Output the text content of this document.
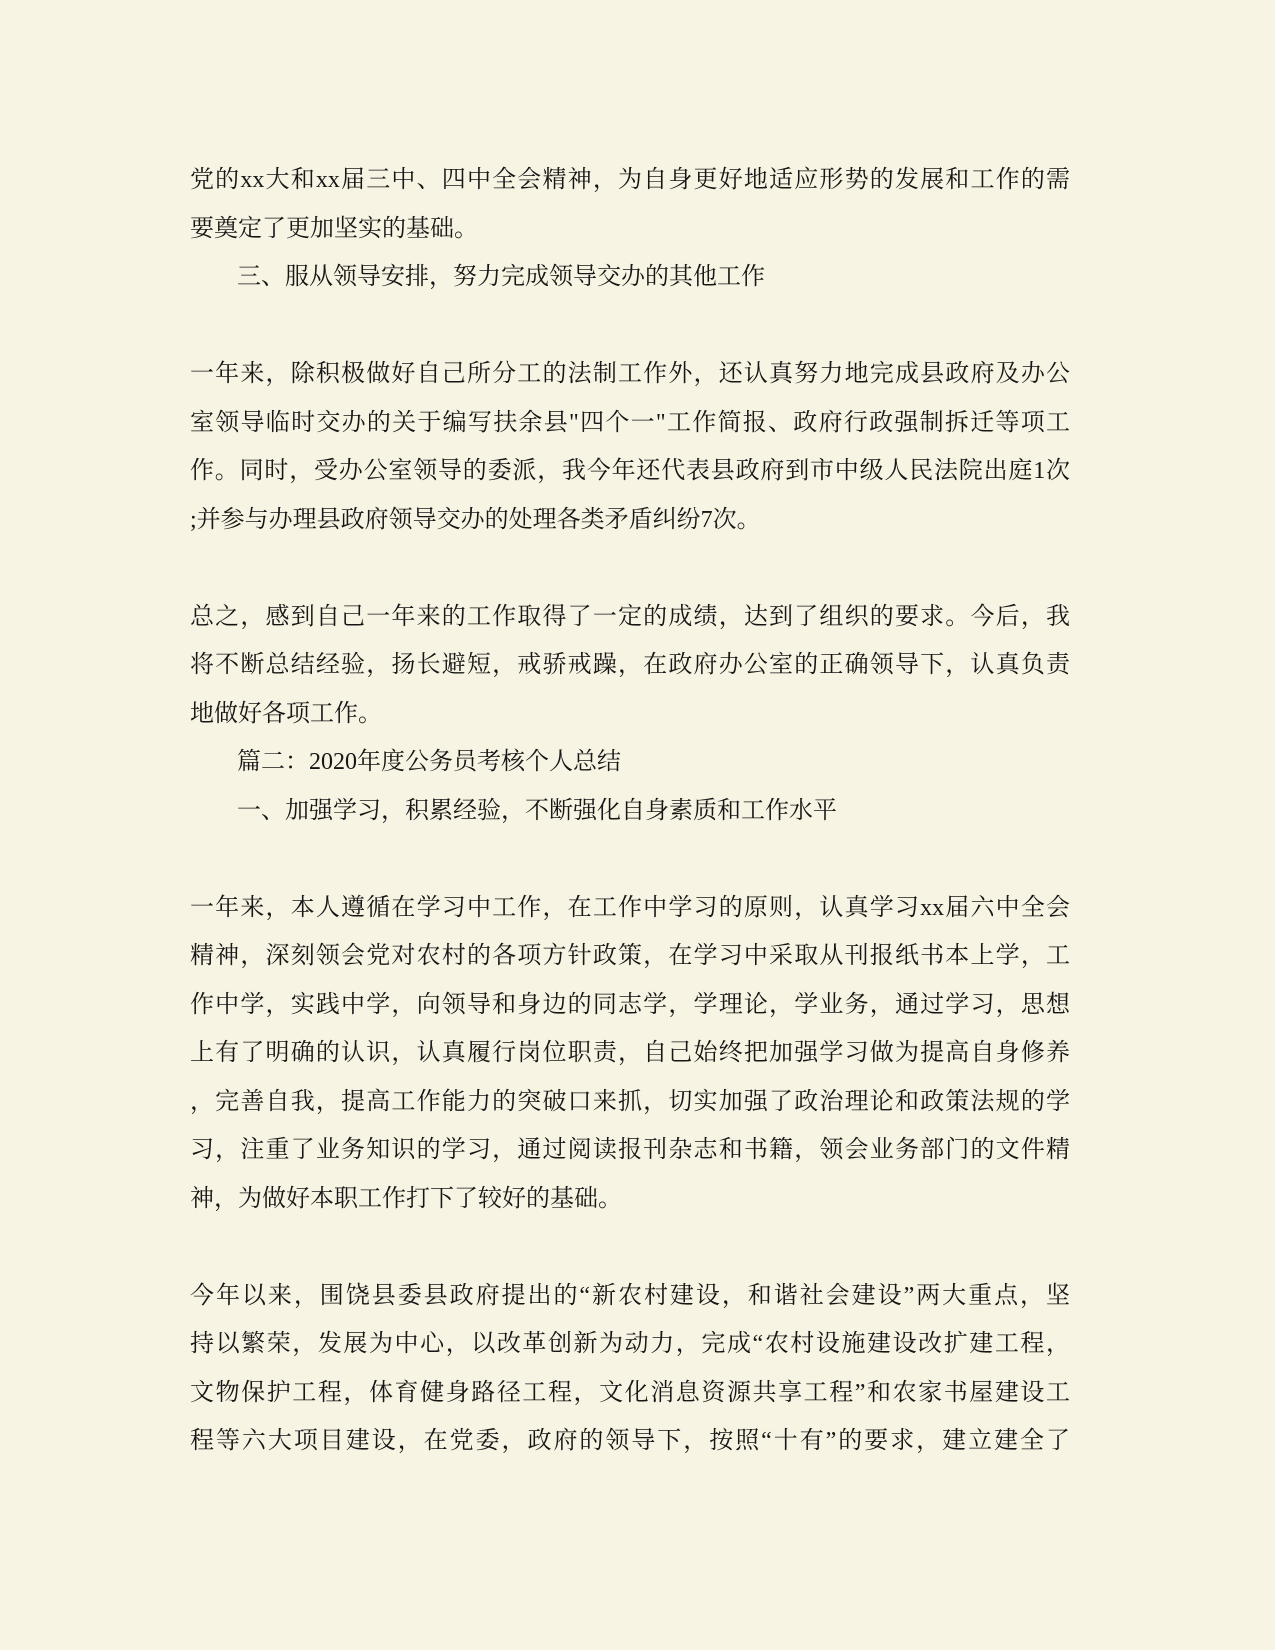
党的xx大和xx届三中、四中全会精神，为自身更好地适应形势的发展和工作的需
要奠定了更加坚实的基础。
三、服从领导安排，努力完成领导交办的其他工作

一年来，除积极做好自己所分工的法制工作外，还认真努力地完成县政府及办公
室领导临时交办的关于编写扶余县"四个一"工作简报、政府行政强制拆迁等项工
作。同时，受办公室领导的委派，我今年还代表县政府到市中级人民法院出庭1次
;并参与办理县政府领导交办的处理各类矛盾纠纷7次。

总之，感到自己一年来的工作取得了一定的成绩，达到了组织的要求。今后，我
将不断总结经验，扬长避短，戒骄戒躁，在政府办公室的正确领导下，认真负责
地做好各项工作。
篇二：2020年度公务员考核个人总结
一、加强学习，积累经验，不断强化自身素质和工作水平

一年来，本人遵循在学习中工作，在工作中学习的原则，认真学习xx届六中全会
精神，深刻领会党对农村的各项方针政策，在学习中采取从刊报纸书本上学，工
作中学，实践中学，向领导和身边的同志学，学理论，学业务，通过学习，思想
上有了明确的认识，认真履行岗位职责，自己始终把加强学习做为提高自身修养
，完善自我，提高工作能力的突破口来抓，切实加强了政治理论和政策法规的学
习，注重了业务知识的学习，通过阅读报刊杂志和书籍，领会业务部门的文件精
神，为做好本职工作打下了较好的基础。

今年以来，围饶县委县政府提出的“新农村建设，和谐社会建设”两大重点，坚
持以繁荣，发展为中心，以改革创新为动力，完成“农村设施建设改扩建工程，
文物保护工程，体育健身路径工程，文化消息资源共享工程”和农家书屋建设工
程等六大项目建设，在党委，政府的领导下，按照“十有”的要求，建立建全了
